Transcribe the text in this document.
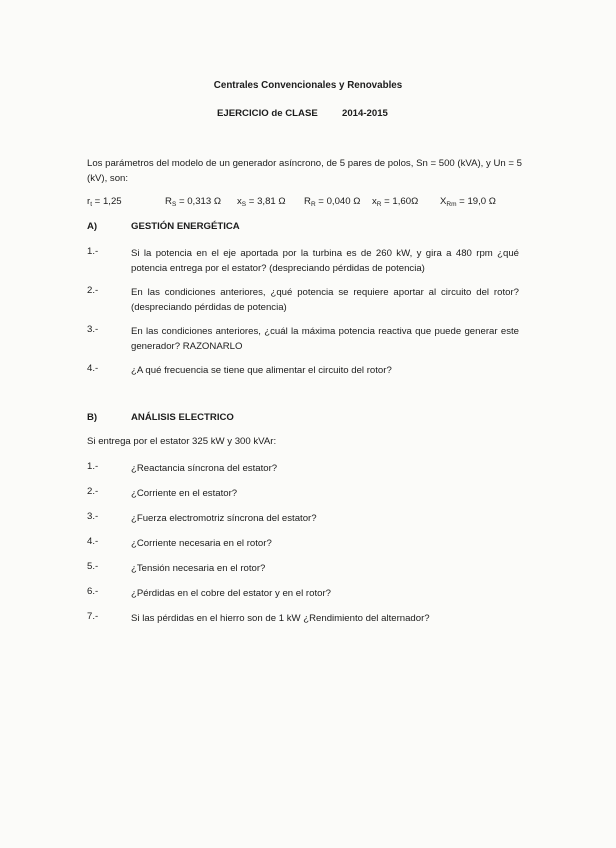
Centrales Convencionales y Renovables
EJERCICIO de CLASE	2014-2015
Los parámetros del modelo de un generador asíncrono, de 5 pares de polos, Sn = 500 (kVA), y Un = 5 (kV), son:
$r_t = 1,25$	$R_S = 0,313$ Ω $x_S = 3,81$ Ω $R_R = 0,040$ Ω $x_R = 1,60\Omega$ $X_{Rm} = 19,0$ Ω
A)	GESTIÓN ENERGÉTICA
1.-	Si la potencia en el eje aportada por la turbina es de 260 kW, y gira a 480 rpm ¿qué potencia entrega por el estator? (despreciando pérdidas de potencia)
2.-	En las condiciones anteriores, ¿qué potencia se requiere aportar al circuito del rotor? (despreciando pérdidas de potencia)
3.-	En las condiciones anteriores, ¿cuál la máxima potencia reactiva que puede generar este generador? RAZONARLO
4.-	¿A qué frecuencia se tiene que alimentar el circuito del rotor?
B)	ANÁLISIS ELECTRICO
Si entrega por el estator 325 kW y 300 kVAr:
1.-	¿Reactancia síncrona del estator?
2.-	¿Corriente en el estator?
3.-	¿Fuerza electromotriz síncrona del estator?
4.-	¿Corriente necesaria en el rotor?
5.-	¿Tensión necesaria en el rotor?
6.-	¿Pérdidas en el cobre del estator y en el rotor?
7.-	Si las pérdidas en el hierro son de 1 kW ¿Rendimiento del alternador?
